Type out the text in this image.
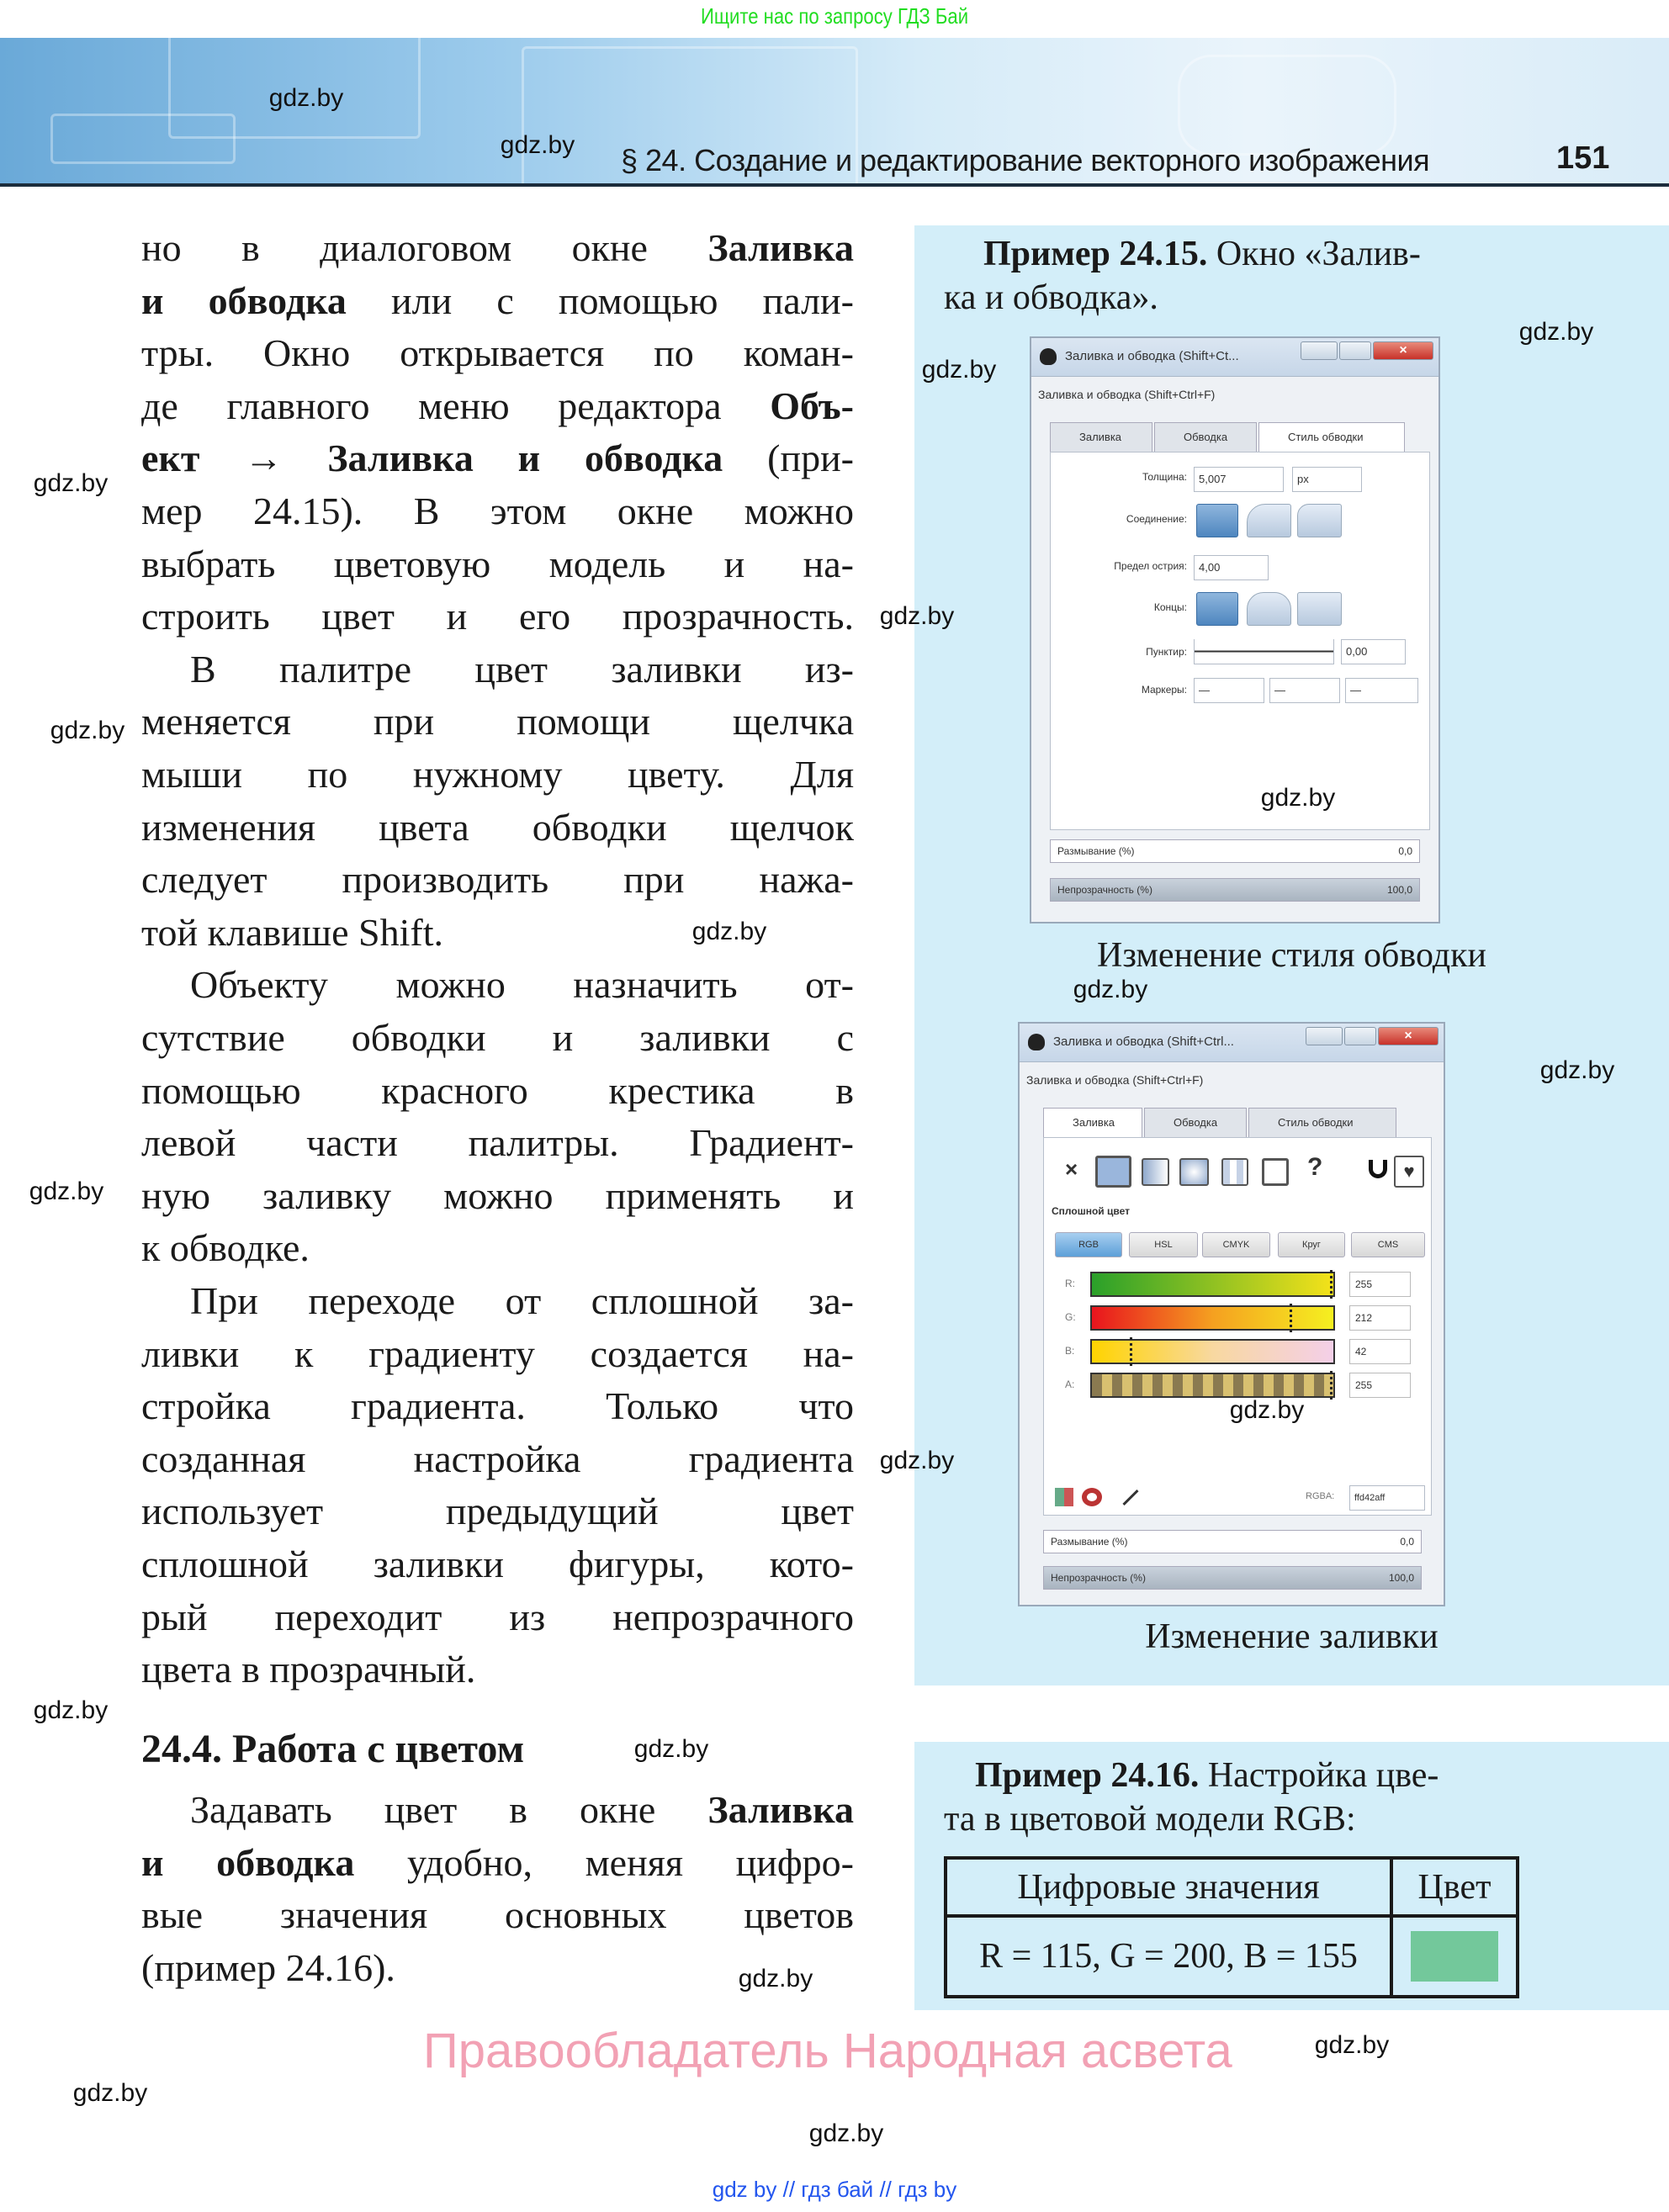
Ищите нас по запросу ГДЗ Бай
§ 24. Создание и редактирование векторного изображения	151
но в диалоговом окне Заливка
и обводка или с помощью пали-
тры. Окно открывается по коман-
де главного меню редактора Объ-
ект → Заливка и обводка (при-
мер 24.15). В этом окне можно
выбрать цветовую модель и на-
строить цвет и его прозрачность.
В палитре цвет заливки из-
меняется при помощи щелчка
мыши по нужному цвету. Для
изменения цвета обводки щелчок
следует производить при нажа-
той клавише Shift.
Объекту можно назначить от-
сутствие обводки и заливки с
помощью красного крестика в
левой части палитры. Градиент-
ную заливку можно применять и
к обводке.
При переходе от сплошной за-
ливки к градиенту создается на-
стройка градиента. Только что
созданная настройка градиента
использует предыдущий цвет
сплошной заливки фигуры, кото-
рый переходит из непрозрачного
цвета в прозрачный.
24.4. Работа с цветом
Задавать цвет в окне Заливка
и обводка удобно, меняя цифро-
вые значения основных цветов
(пример 24.16).
Пример 24.15. Окно «Залив-
ка и обводка».
Заливка и обводка (Shift+Ct...	×
Заливка и обводка (Shift+Ctrl+F)
Заливка	Обводка	Стиль обводки
Толщина:	5,007	px
Соединение:
Предел острия:	4,00
Концы:
Пунктир:	0,00
Маркеры:	—	—	—
Размывание (%)	0,0
Непрозрачность (%)	100,0
Изменение стиля обводки
Заливка и обводка (Shift+Ctrl...	×
Заливка и обводка (Shift+Ctrl+F)
Заливка	Обводка	Стиль обводки
×	?	♥
Сплошной цвет
RGB	HSL	CMYK	Круг	CMS
R:	255
G:	212
B:	42
A:	255
RGBA:	ffd42aff
Размывание (%)	0,0
Непрозрачность (%)	100,0
Изменение заливки
Пример 24.16. Настройка цве-
та в цветовой модели RGB:
Цифровые значения	Цвет
R = 115, G = 200, B = 155	
Правообладатель Народная асвета
gdz by // гдз бай // гдз by
gdz.by
gdz.by
gdz.by
gdz.by
gdz.by
gdz.by
gdz.by
gdz.by
gdz.by
gdz.by
gdz.by
gdz.by
gdz.by
gdz.by
gdz.by
gdz.by
gdz.by
gdz.by
gdz.by
gdz.by
